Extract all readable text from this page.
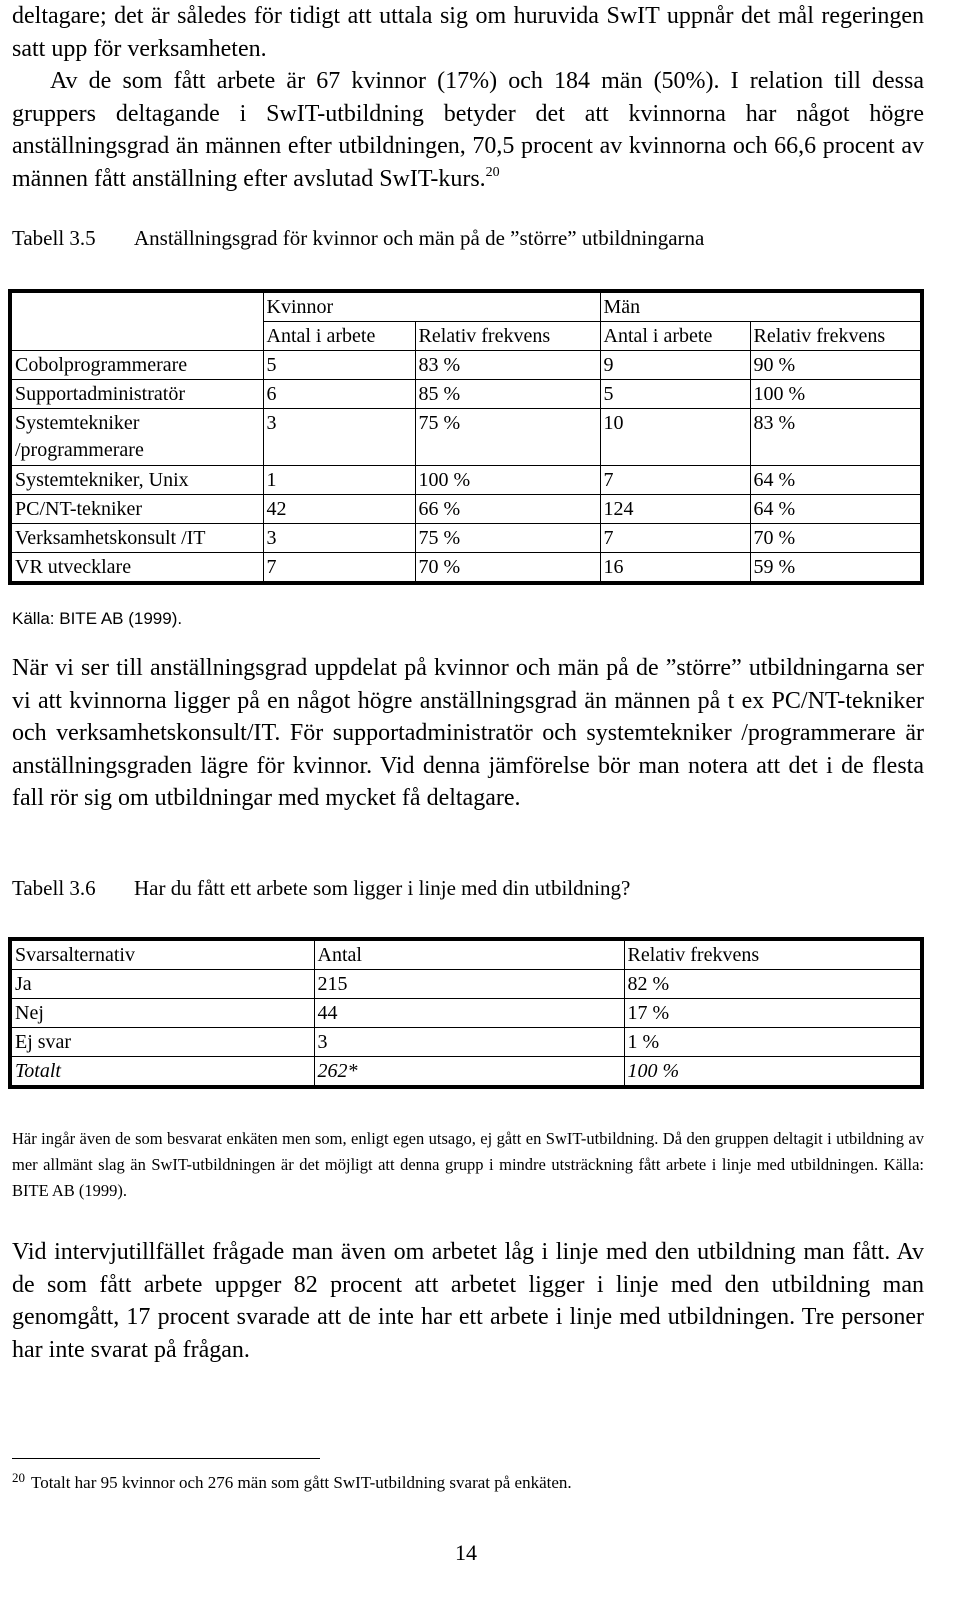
deltagare; det är således för tidigt att uttala sig om huruvida SwIT uppnår det mål regeringen satt upp för verksamheten.

Av de som fått arbete är 67 kvinnor (17%) och 184 män (50%). I relation till dessa gruppers deltagande i SwIT-utbildning betyder det att kvinnorna har något högre anställningsgrad än männen efter utbildningen, 70,5 procent av kvinnorna och 66,6 procent av männen fått anställning efter avslutad SwIT-kurs.$^{20}$

Tabell 3.5 Anställningsgrad för kvinnor och män på de ”större” utbildningarna
	Kvinnor		Män	
	Antal i arbete	Relativ frekvens	Antal i arbete	Relativ frekvens
Cobolprogrammerare	5	83 %	9	90 %
Supportadministratör	6	85 %	5	100 %
Systemtekniker
/programmerare	3	75 %	10	83 %
Systemtekniker, Unix	1	100 %	7	64 %
PC/NT-tekniker	42	66 %	124	64 %
Verksamhetskonsult /IT	3	75 %	7	70 %
VR utvecklare	7	70 %	16	59 %
Källa: BITE AB (1999).

När vi ser till anställningsgrad uppdelat på kvinnor och män på de ”större” utbildningarna ser vi att kvinnorna ligger på en något högre anställningsgrad än männen på t ex PC/NT-tekniker och verksamhetskonsult/IT. För supportadministratör och systemtekniker /programmerare är anställningsgraden lägre för kvinnor. Vid denna jämförelse bör man notera att det i de flesta fall rör sig om utbildningar med mycket få deltagare.

Tabell 3.6 Har du fått ett arbete som ligger i linje med din utbildning?
Svarsalternativ	Antal	Relativ frekvens
Ja	215	82 %
Nej	44	17 %
Ej svar	3	1 %
Totalt	262*	100 %
Här ingår även de som besvarat enkäten men som, enligt egen utsago, ej gått en SwIT-utbildning. Då den gruppen deltagit i utbildning av mer allmänt slag än SwIT-utbildningen är det möjligt att denna grupp i mindre utsträckning fått arbete i linje med utbildningen. Källa: BITE AB (1999).

Vid intervjutillfället frågade man även om arbetet låg i linje med den utbildning man fått. Av de som fått arbete uppger 82 procent att arbetet ligger i linje med den utbildning man genomgått, 17 procent svarade att de inte har ett arbete i linje med utbildningen. Tre personer har inte svarat på frågan.

$^{20}$ Totalt har 95 kvinnor och 276 män som gått SwIT-utbildning svarat på enkäten.
14
